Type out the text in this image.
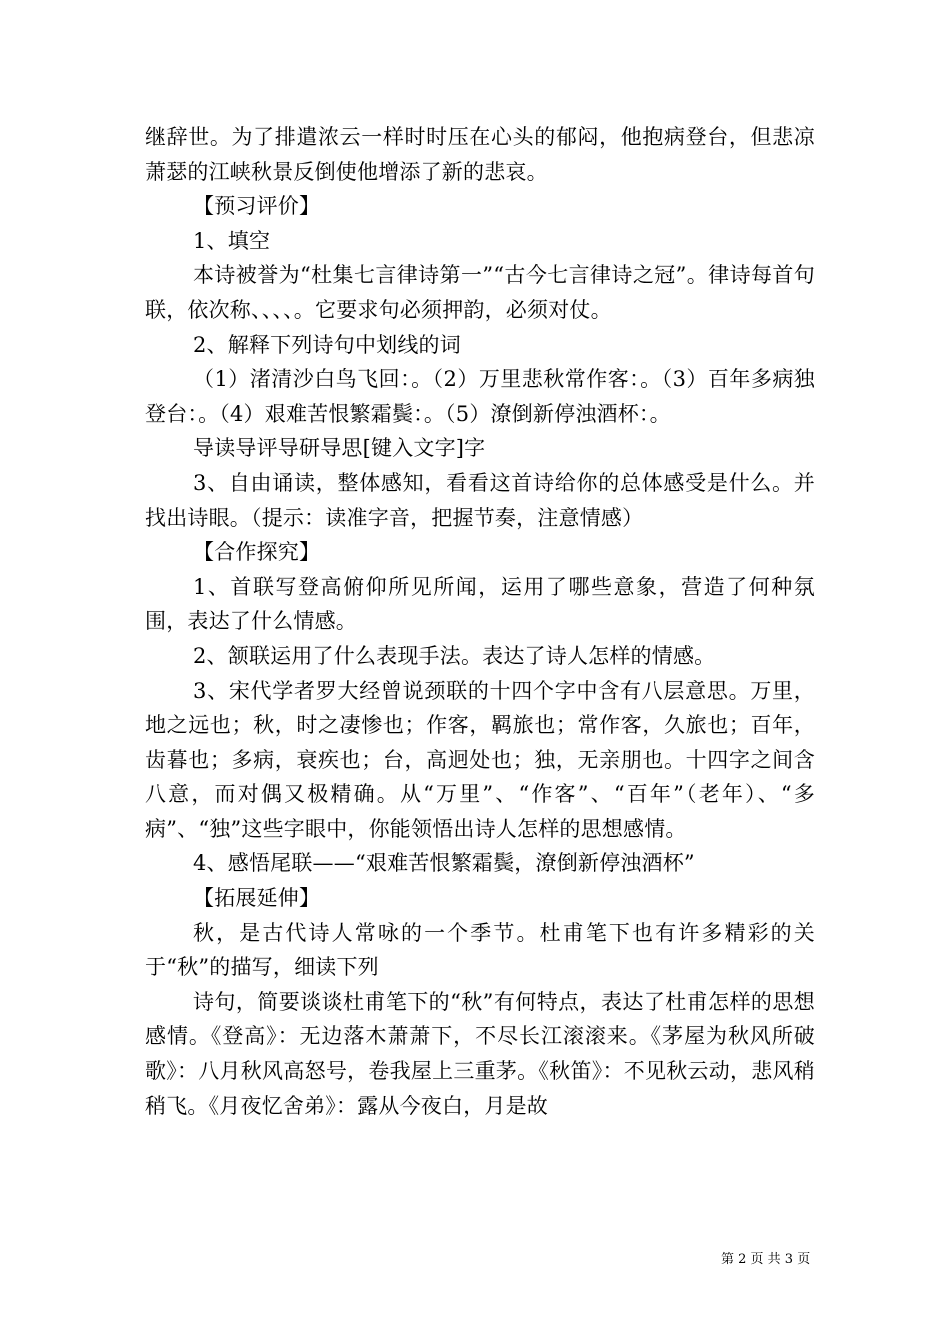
继辞世。为了排遣浓云一样时时压在心头的郁闷，他抱病登台，但悲凉萧瑟的江峡秋景反倒使他增添了新的悲哀。

【预习评价】

1、填空

本诗被誉为“杜集七言律诗第一”“古今七言律诗之冠”。律诗每首句联，依次称、、、、。它要求句必须押韵，必须对仗。

2、解释下列诗句中划线的词

（1）渚清沙白鸟飞回：。（2）万里悲秋常作客：。（3）百年多病独登台：。（4）艰难苦恨繁霜鬓：。（5）潦倒新停浊酒杯：。

导读导评导研导思[键入文字]字

3、自由诵读，整体感知，看看这首诗给你的总体感受是什么。并找出诗眼。（提示：读准字音，把握节奏，注意情感）

【合作探究】

1、首联写登高俯仰所见所闻，运用了哪些意象，营造了何种氛围，表达了什么情感。

2、颔联运用了什么表现手法。表达了诗人怎样的情感。

3、宋代学者罗大经曾说颈联的十四个字中含有八层意思。万里，地之远也；秋，时之凄惨也；作客，羁旅也；常作客，久旅也；百年，齿暮也；多病，衰疾也；台，高迥处也；独，无亲朋也。十四字之间含八意，而对偶又极精确。从“万里”、“作客”、“百年”（老年）、“多病”、“独”这些字眼中，你能领悟出诗人怎样的思想感情。

4、感悟尾联——“艰难苦恨繁霜鬓，潦倒新停浊酒杯”

【拓展延伸】

秋，是古代诗人常咏的一个季节。杜甫笔下也有许多精彩的关于“秋”的描写，细读下列

诗句，简要谈谈杜甫笔下的“秋”有何特点，表达了杜甫怎样的思想感情。《登高》：无边落木萧萧下，不尽长江滚滚来。《茅屋为秋风所破歌》：八月秋风高怒号，卷我屋上三重茅。《秋笛》：不见秋云动，悲风稍稍飞。《月夜忆舍弟》：露从今夜白，月是故

第 2 页 共 3 页
